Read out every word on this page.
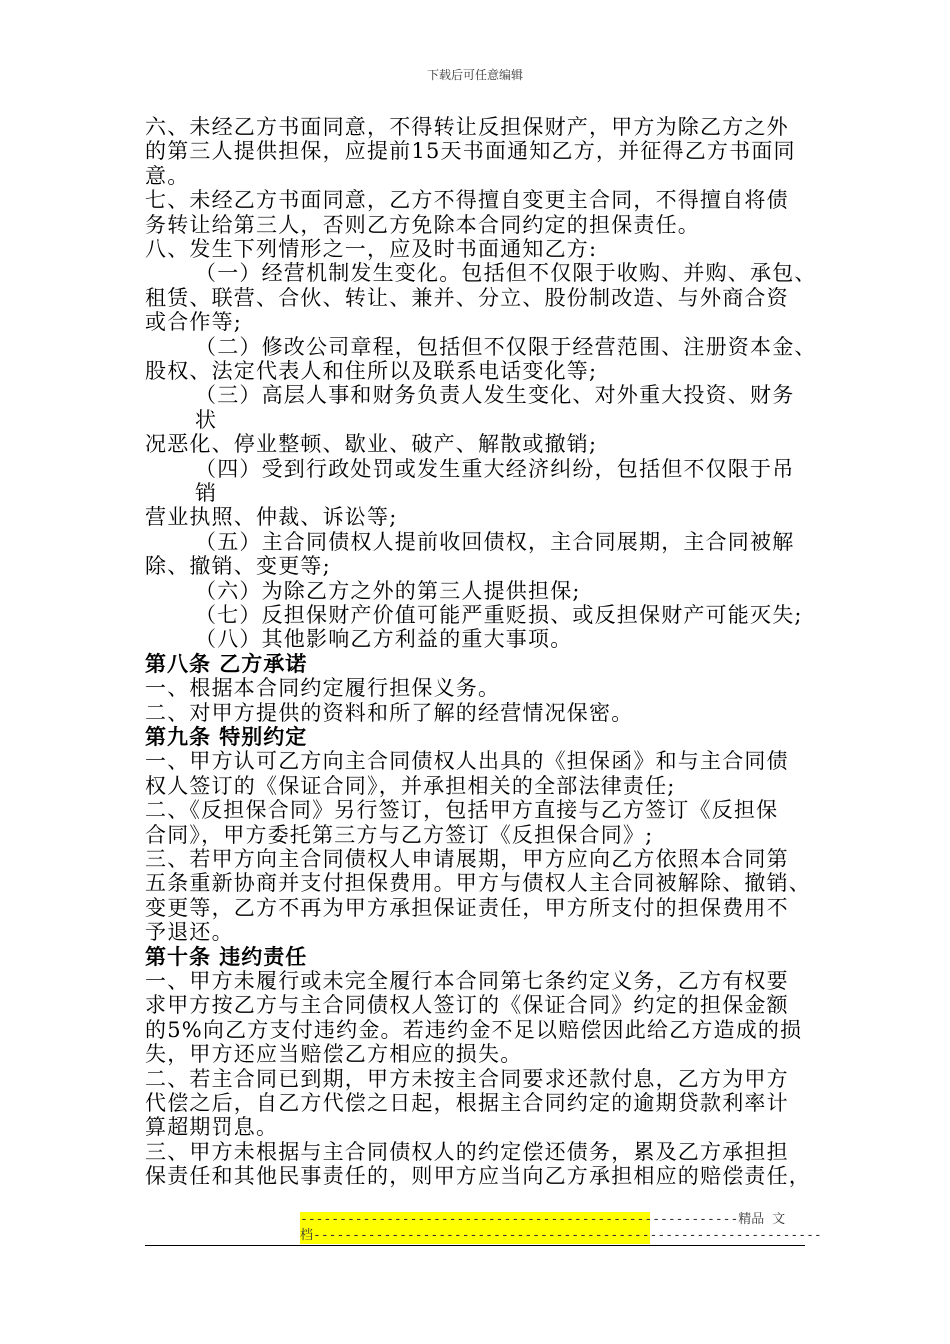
下载后可任意编辑
六、未经乙方书面同意，不得转让反担保财产，甲方为除乙方之外
的第三人提供担保，应提前15天书面通知乙方，并征得乙方书面同
意。
七、未经乙方书面同意，乙方不得擅自变更主合同，不得擅自将债
务转让给第三人，否则乙方免除本合同约定的担保责任。
八、发生下列情形之一，应及时书面通知乙方:
（一）经营机制发生变化。包括但不仅限于收购、并购、承包、
租赁、联营、合伙、转让、兼并、分立、股份制改造、与外商合资
或合作等;
（二）修改公司章程，包括但不仅限于经营范围、注册资本金、
股权、法定代表人和住所以及联系电话变化等;
（三）高层人事和财务负责人发生变化、对外重大投资、财务
状
况恶化、停业整顿、歇业、破产、解散或撤销;
（四）受到行政处罚或发生重大经济纠纷，包括但不仅限于吊
销
营业执照、仲裁、诉讼等;
（五）主合同债权人提前收回债权，主合同展期，主合同被解
除、撤销、变更等;
（六）为除乙方之外的第三人提供担保;
（七）反担保财产价值可能严重贬损、或反担保财产可能灭失;
（八）其他影响乙方利益的重大事项。
第八条 乙方承诺
一、根据本合同约定履行担保义务。
二、对甲方提供的资料和所了解的经营情况保密。
第九条 特别约定
一、甲方认可乙方向主合同债权人出具的《担保函》和与主合同债
权人签订的《保证合同》，并承担相关的全部法律责任;
二、《反担保合同》另行签订，包括甲方直接与乙方签订《反担保
合同》，甲方委托第三方与乙方签订《反担保合同》;
三、若甲方向主合同债权人申请展期，甲方应向乙方依照本合同第
五条重新协商并支付担保费用。甲方与债权人主合同被解除、撤销、
变更等，乙方不再为甲方承担保证责任，甲方所支付的担保费用不
予退还。
第十条 违约责任
一、甲方未履行或未完全履行本合同第七条约定义务，乙方有权要
求甲方按乙方与主合同债权人签订的《保证合同》约定的担保金额
的5%向乙方支付违约金。若违约金不足以赔偿因此给乙方造成的损
失，甲方还应当赔偿乙方相应的损失。
二、若主合同已到期，甲方未按主合同要求还款付息，乙方为甲方
代偿之后，自乙方代偿之日起，根据主合同约定的逾期贷款利率计
算超期罚息。
三、甲方未根据与主合同债权人的约定偿还债务，累及乙方承担担
保责任和其他民事责任的，则甲方应当向乙方承担相应的赔偿责任，
--------------------------------------------------------精品 文
档-----------------------------------------------------------------
